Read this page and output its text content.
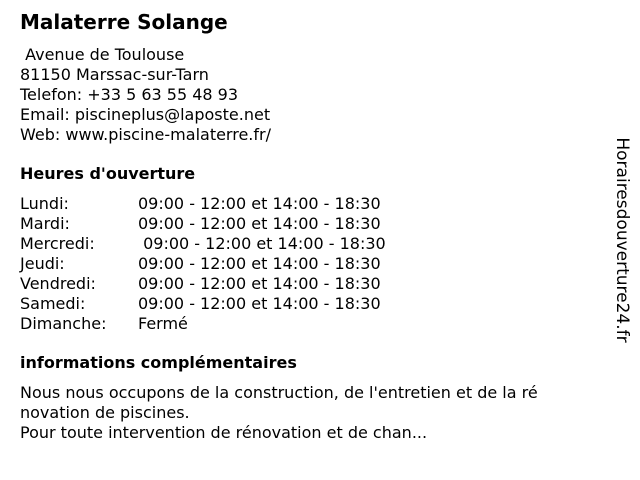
Malaterre Solange
Avenue de Toulouse
81150 Marssac-sur-Tarn
Telefon: +33 5 63 55 48 93
Email: piscineplus@laposte.net
Web: www.piscine-malaterre.fr/
Heures d'ouverture
Lundi:	09:00 - 12:00 et 14:00 - 18:30
Mardi:	09:00 - 12:00 et 14:00 - 18:30
Mercredi:	09:00 - 12:00 et 14:00 - 18:30
Jeudi:	09:00 - 12:00 et 14:00 - 18:30
Vendredi:	09:00 - 12:00 et 14:00 - 18:30
Samedi:	09:00 - 12:00 et 14:00 - 18:30
Dimanche:	Fermé
informations complémentaires
Nous nous occupons de la construction, de l'entretien et de la ré
novation de piscines.
Pour toute intervention de rénovation et de chan...
Horairesdouverture24.fr
